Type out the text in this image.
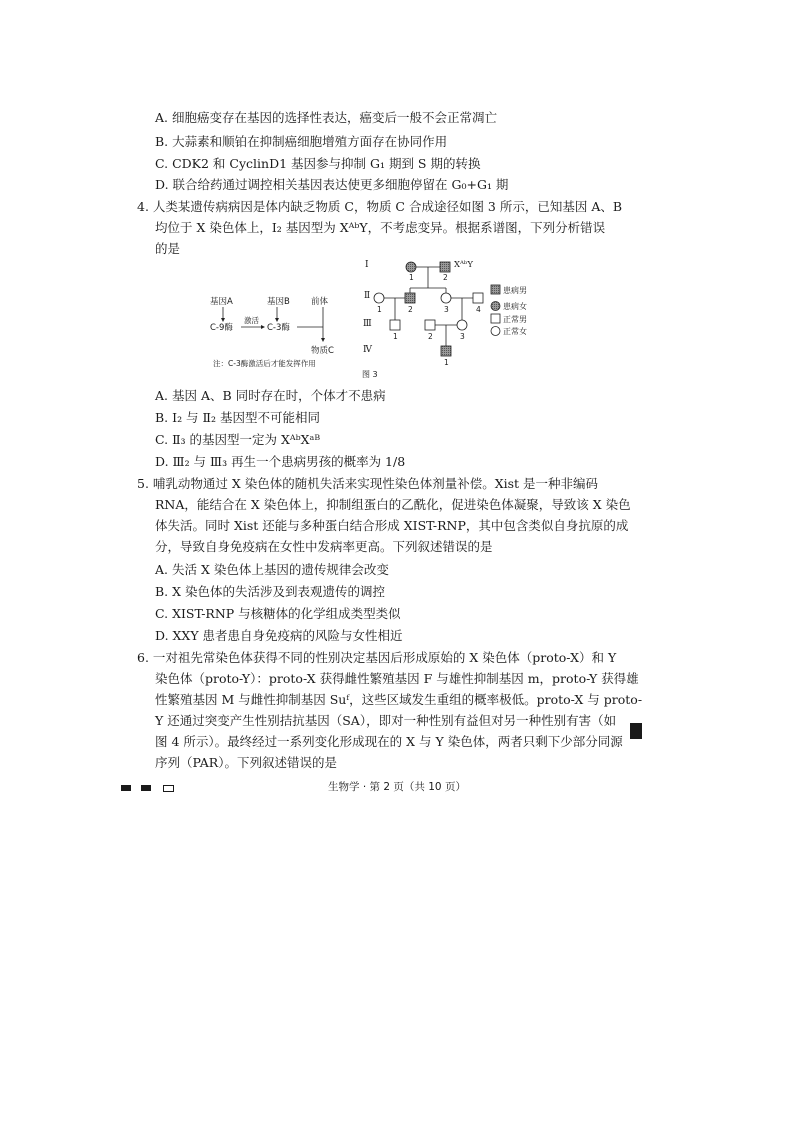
A. 细胞癌变存在基因的选择性表达，癌变后一般不会正常凋亡
B. 大蒜素和顺铂在抑制癌细胞增殖方面存在协同作用
C. CDK2 和 CyclinD1 基因参与抑制 G₁ 期到 S 期的转换
D. 联合给药通过调控相关基因表达使更多细胞停留在 G₀+G₁ 期
4. 人类某遗传病病因是体内缺乏物质 C，物质 C 合成途径如图 3 所示，已知基因 A、B
均位于 X 染色体上，Ⅰ₂ 基因型为 XᴬᵇY，不考虑变异。根据系谱图，下列分析错误
的是
基因A	基因B 前体
C-9酶
激活
C-3酶
物质C
注：C-3酶激活后才能发挥作用
Ⅰ
Ⅱ
Ⅲ
Ⅳ
XᴬᵇY
1	2
1	2	3	4
1	2	3
1
患病男
患病女
正常男
正常女
图 3
A. 基因 A、B 同时存在时，个体才不患病
B. Ⅰ₂ 与 Ⅱ₂ 基因型不可能相同
C. Ⅱ₃ 的基因型一定为 XᴬᵇXᵃᴮ
D. Ⅲ₂ 与 Ⅲ₃ 再生一个患病男孩的概率为 1/8
5. 哺乳动物通过 X 染色体的随机失活来实现性染色体剂量补偿。Xist 是一种非编码
RNA，能结合在 X 染色体上，抑制组蛋白的乙酰化，促进染色体凝聚，导致该 X 染色
体失活。同时 Xist 还能与多种蛋白结合形成 XIST-RNP，其中包含类似自身抗原的成
分，导致自身免疫病在女性中发病率更高。下列叙述错误的是
A. 失活 X 染色体上基因的遗传规律会改变
B. X 染色体的失活涉及到表观遗传的调控
C. XIST-RNP 与核糖体的化学组成类型类似
D. XXY 患者患自身免疫病的风险与女性相近
6. 一对祖先常染色体获得不同的性别决定基因后形成原始的 X 染色体（proto-X）和 Y
染色体（proto-Y）：proto-X 获得雌性繁殖基因 F 与雄性抑制基因 m，proto-Y 获得雄
性繁殖基因 M 与雌性抑制基因 Suᶠ，这些区域发生重组的概率极低。proto-X 与 proto-
Y 还通过突变产生性别拮抗基因（SA），即对一种性别有益但对另一种性别有害（如
图 4 所示）。最终经过一系列变化形成现在的 X 与 Y 染色体，两者只剩下少部分同源
序列（PAR）。下列叙述错误的是
生物学 · 第 2 页（共 10 页）
